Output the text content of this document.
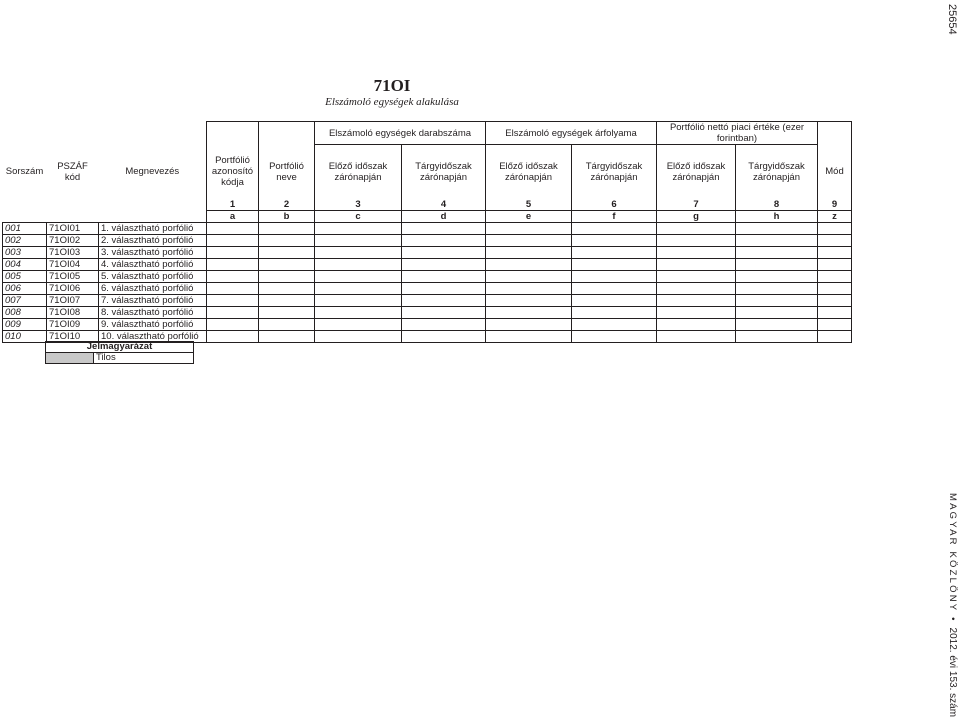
25654
MAGYAR KÖZLÖNY • 2012. évi 153. szám
71OI
Elszámoló egységek alakulása
					Elszámoló egységek darabszáma		Elszámoló egységek árfolyama		Portfólió nettó piaci értéke (ezer forintban)		
Sorszám	PSZÁF kód	Megnevezés	Portfólió azonosító kódja	Portfólió neve	Előző időszak zárónapján	Tárgyidőszak zárónapján	Előző időszak zárónapján	Tárgyidőszak zárónapján	Előző időszak zárónapján	Tárgyidőszak zárónapján	Mód
			1	2	3	4	5	6	7	8	9
			a	b	c	d	e	f	g	h	z
001	71OI01	1. választható porfólió									
002	71OI02	2. választható porfólió									
003	71OI03	3. választható porfólió									
004	71OI04	4. választható porfólió									
005	71OI05	5. választható porfólió									
006	71OI06	6. választható porfólió									
007	71OI07	7. választható porfólió									
008	71OI08	8. választható porfólió									
009	71OI09	9. választható porfólió									
010	71OI10	10. választható porfólió									
Jelmagyarázat
	Tilos
